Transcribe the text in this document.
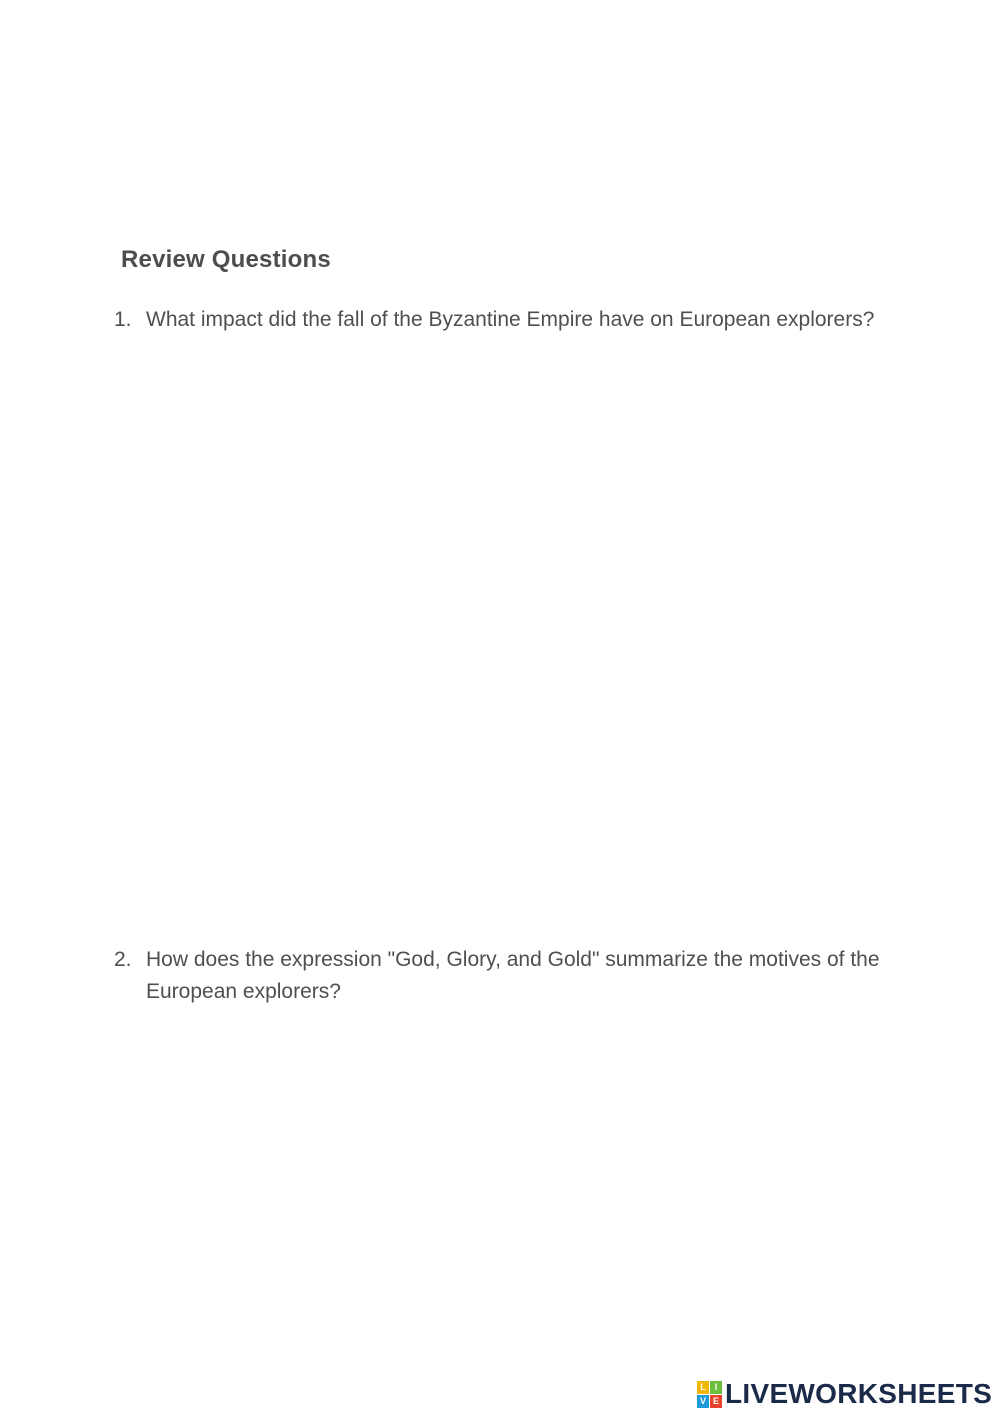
Review Questions
1. What impact did the fall of the Byzantine Empire have on European explorers?
2. How does the expression "God, Glory, and Gold" summarize the motives of the European explorers?
L I
V E LIVEWORKSHEETS
